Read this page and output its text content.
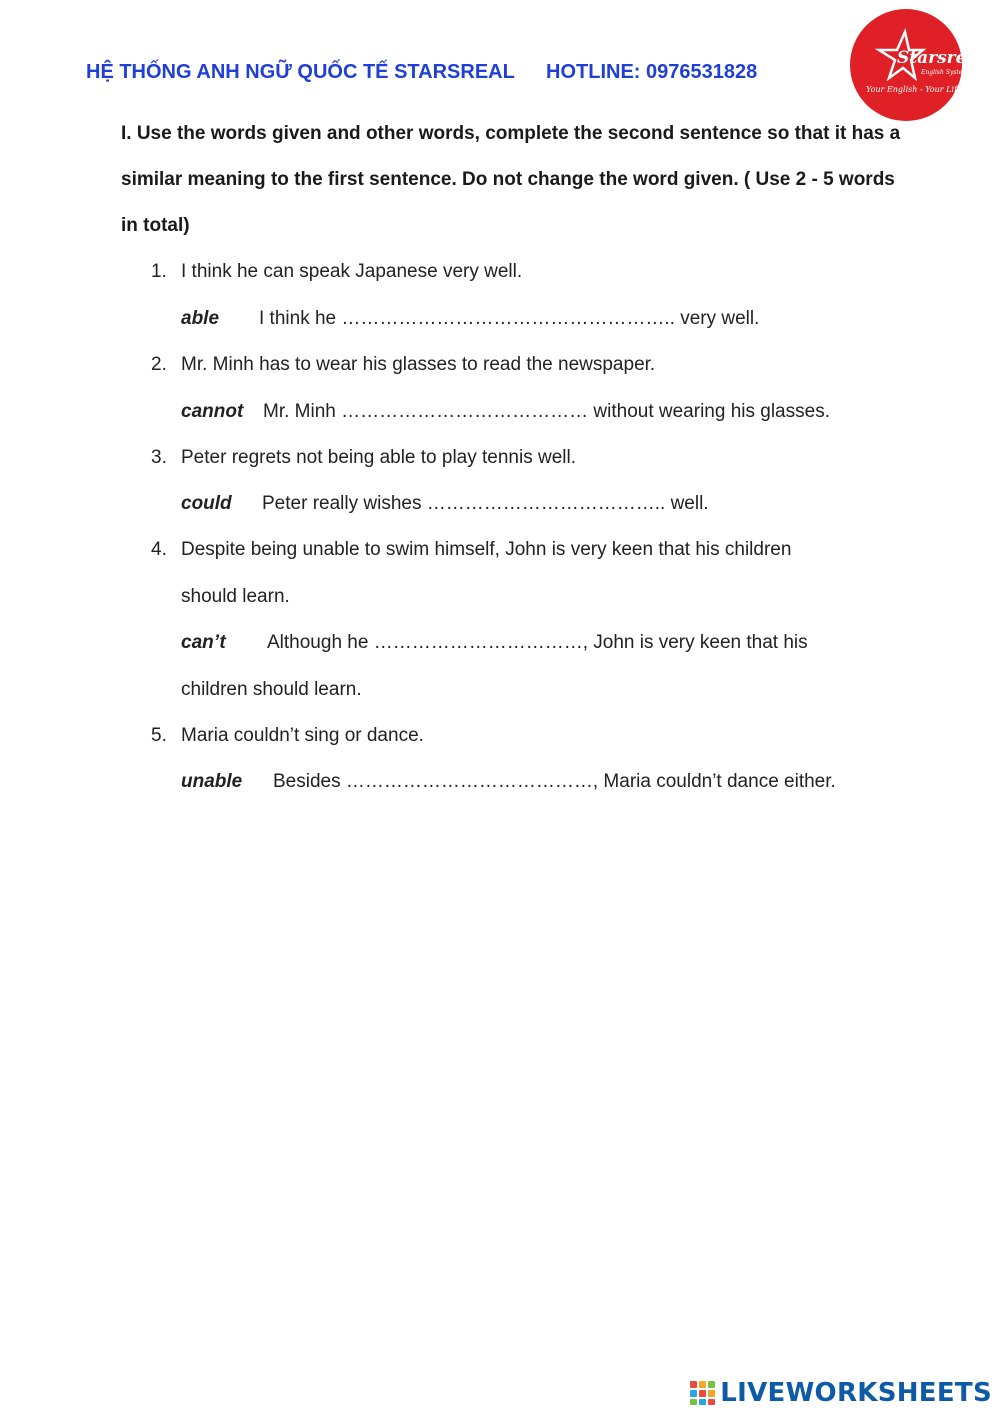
HỆ THỐNG ANH NGỮ QUỐC TẾ STARSREAL HOTLINE: 0976531828
Starsreal
English System
Your English - Your Life
I. Use the words given and other words, complete the second sentence so that it has a similar meaning to the first sentence. Do not change the word given. ( Use 2 - 5 words in total)
1. I think he can speak Japanese very well.
able I think he …………………………………………….. very well.
2. Mr. Minh has to wear his glasses to read the newspaper.
cannot Mr. Minh ………………………………… without wearing his glasses.
3. Peter regrets not being able to play tennis well.
could Peter really wishes ……………………………….. well.
4. Despite being unable to swim himself, John is very keen that his children
should learn.
can’t Although he ……………………………, John is very keen that his
children should learn.
5. Maria couldn’t sing or dance.
unable Besides …………………………………, Maria couldn’t dance either.
LIVEWORKSHEETS
